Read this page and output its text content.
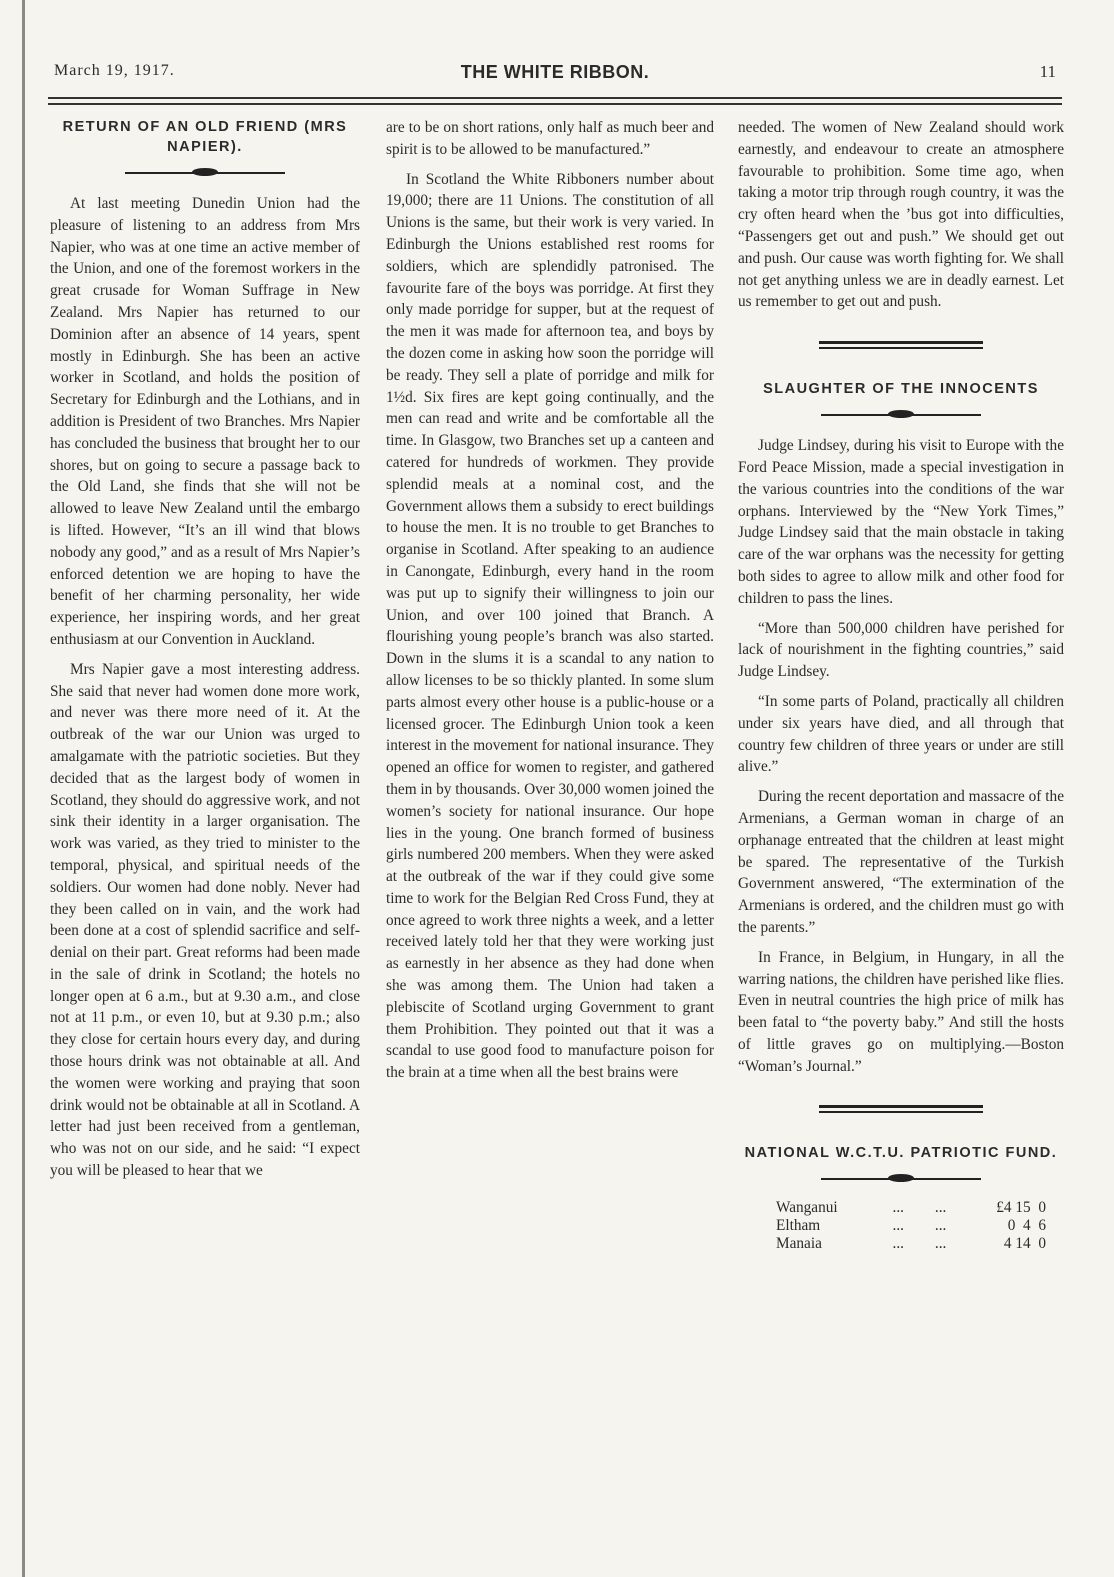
March 19, 1917.	THE WHITE RIBBON.	11
RETURN OF AN OLD FRIEND (MRS NAPIER).

At last meeting Dunedin Union had the pleasure of listening to an address from Mrs Napier, who was at one time an active member of the Union, and one of the foremost workers in the great crusade for Woman Suffrage in New Zealand. Mrs Napier has returned to our Dominion after an absence of 14 years, spent mostly in Edinburgh. She has been an active worker in Scotland, and holds the position of Secretary for Edinburgh and the Lothians, and in addition is President of two Branches. Mrs Napier has concluded the business that brought her to our shores, but on going to secure a passage back to the Old Land, she finds that she will not be allowed to leave New Zealand until the embargo is lifted. However, “It’s an ill wind that blows nobody any good,” and as a result of Mrs Napier’s enforced detention we are hoping to have the benefit of her charming personality, her wide experience, her inspiring words, and her great enthusiasm at our Convention in Auckland.

Mrs Napier gave a most interesting address. She said that never had women done more work, and never was there more need of it. At the outbreak of the war our Union was urged to amalgamate with the patriotic societies. But they decided that as the largest body of women in Scotland, they should do aggressive work, and not sink their identity in a larger organisation. The work was varied, as they tried to minister to the temporal, physical, and spiritual needs of the soldiers. Our women had done nobly. Never had they been called on in vain, and the work had been done at a cost of splendid sacrifice and self-denial on their part. Great reforms had been made in the sale of drink in Scotland; the hotels no longer open at 6 a.m., but at 9.30 a.m., and close not at 11 p.m., or even 10, but at 9.30 p.m.; also they close for certain hours every day, and during those hours drink was not obtainable at all. And the women were working and praying that soon drink would not be obtainable at all in Scotland. A letter had just been received from a gentleman, who was not on our side, and he said: “I expect you will be pleased to hear that we

are to be on short rations, only half as much beer and spirit is to be allowed to be manufactured.”

In Scotland the White Ribboners number about 19,000; there are 11 Unions. The constitution of all Unions is the same, but their work is very varied. In Edinburgh the Unions established rest rooms for soldiers, which are splendidly patronised. The favourite fare of the boys was porridge. At first they only made porridge for supper, but at the request of the men it was made for afternoon tea, and boys by the dozen come in asking how soon the porridge will be ready. They sell a plate of porridge and milk for 1½d. Six fires are kept going continually, and the men can read and write and be comfortable all the time. In Glasgow, two Branches set up a canteen and catered for hundreds of workmen. They provide splendid meals at a nominal cost, and the Government allows them a subsidy to erect buildings to house the men. It is no trouble to get Branches to organise in Scotland. After speaking to an audience in Canongate, Edinburgh, every hand in the room was put up to signify their willingness to join our Union, and over 100 joined that Branch. A flourishing young people’s branch was also started. Down in the slums it is a scandal to any nation to allow licenses to be so thickly planted. In some slum parts almost every other house is a public-house or a licensed grocer. The Edinburgh Union took a keen interest in the movement for national insurance. They opened an office for women to register, and gathered them in by thousands. Over 30,000 women joined the women’s society for national insurance. Our hope lies in the young. One branch formed of business girls numbered 200 members. When they were asked at the outbreak of the war if they could give some time to work for the Belgian Red Cross Fund, they at once agreed to work three nights a week, and a letter received lately told her that they were working just as earnestly in her absence as they had done when she was among them. The Union had taken a plebiscite of Scotland urging Government to grant them Prohibition. They pointed out that it was a scandal to use good food to manufacture poison for the brain at a time when all the best brains were

needed. The women of New Zealand should work earnestly, and endeavour to create an atmosphere favourable to prohibition. Some time ago, when taking a motor trip through rough country, it was the cry often heard when the ’bus got into difficulties, “Passengers get out and push.” We should get out and push. Our cause was worth fighting for. We shall not get anything unless we are in deadly earnest. Let us remember to get out and push.

SLAUGHTER OF THE INNOCENTS

Judge Lindsey, during his visit to Europe with the Ford Peace Mission, made a special investigation in the various countries into the conditions of the war orphans. Interviewed by the “New York Times,” Judge Lindsey said that the main obstacle in taking care of the war orphans was the necessity for getting both sides to agree to allow milk and other food for children to pass the lines.

“More than 500,000 children have perished for lack of nourishment in the fighting countries,” said Judge Lindsey.

“In some parts of Poland, practically all children under six years have died, and all through that country few children of three years or under are still alive.”

During the recent deportation and massacre of the Armenians, a German woman in charge of an orphanage entreated that the children at least might be spared. The representative of the Turkish Government answered, “The extermination of the Armenians is ordered, and the children must go with the parents.”

In France, in Belgium, in Hungary, in all the warring nations, the children have perished like flies. Even in neutral countries the high price of milk has been fatal to “the poverty baby.” And still the hosts of little graves go on multiplying.—Boston “Woman’s Journal.”

NATIONAL W.C.T.U. PATRIOTIC FUND.
Wanganui	...	...	£4 15  0
Eltham	...	...	0  4  6
Manaia	...	...	4 14  0
